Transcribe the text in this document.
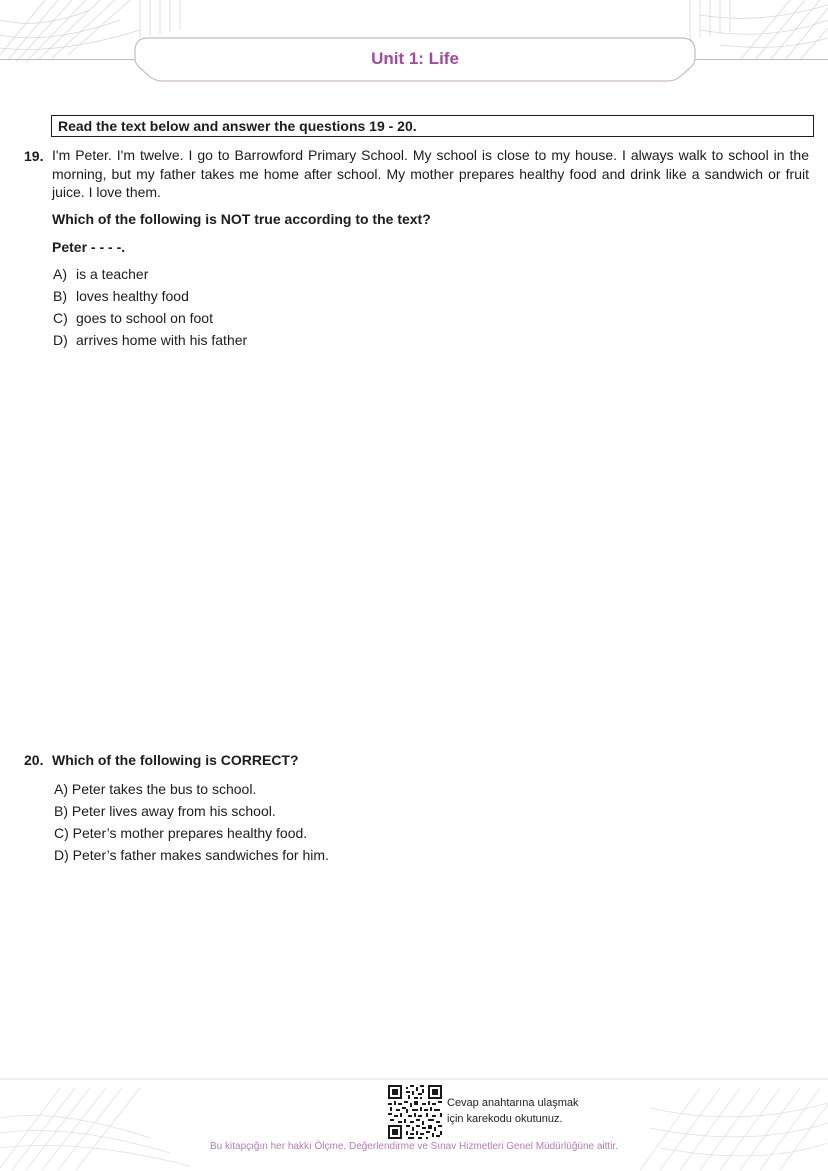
Unit 1: Life
Read the text below and answer the questions 19 - 20.
19. I'm Peter. I'm twelve. I go to Barrowford Primary School. My school is close to my house. I always walk to school in the morning, but my father takes me home after school. My mother prepares healthy food and drink like a sandwich or fruit juice. I love them.
Which of the following is NOT true according to the text?
Peter - - - -.
A) is a teacher
B) loves healthy food
C) goes to school on foot
D) arrives home with his father
20. Which of the following is CORRECT?
A) Peter takes the bus to school.
B) Peter lives away from his school.
C) Peter’s mother prepares healthy food.
D) Peter’s father makes sandwiches for him.
Cevap anahtarına ulaşmak
için karekodu okutunuz.
Bu kitapçığın her hakkı Ölçme, Değerlendirme ve Sınav Hizmetleri Genel Müdürlüğüne aittir.
